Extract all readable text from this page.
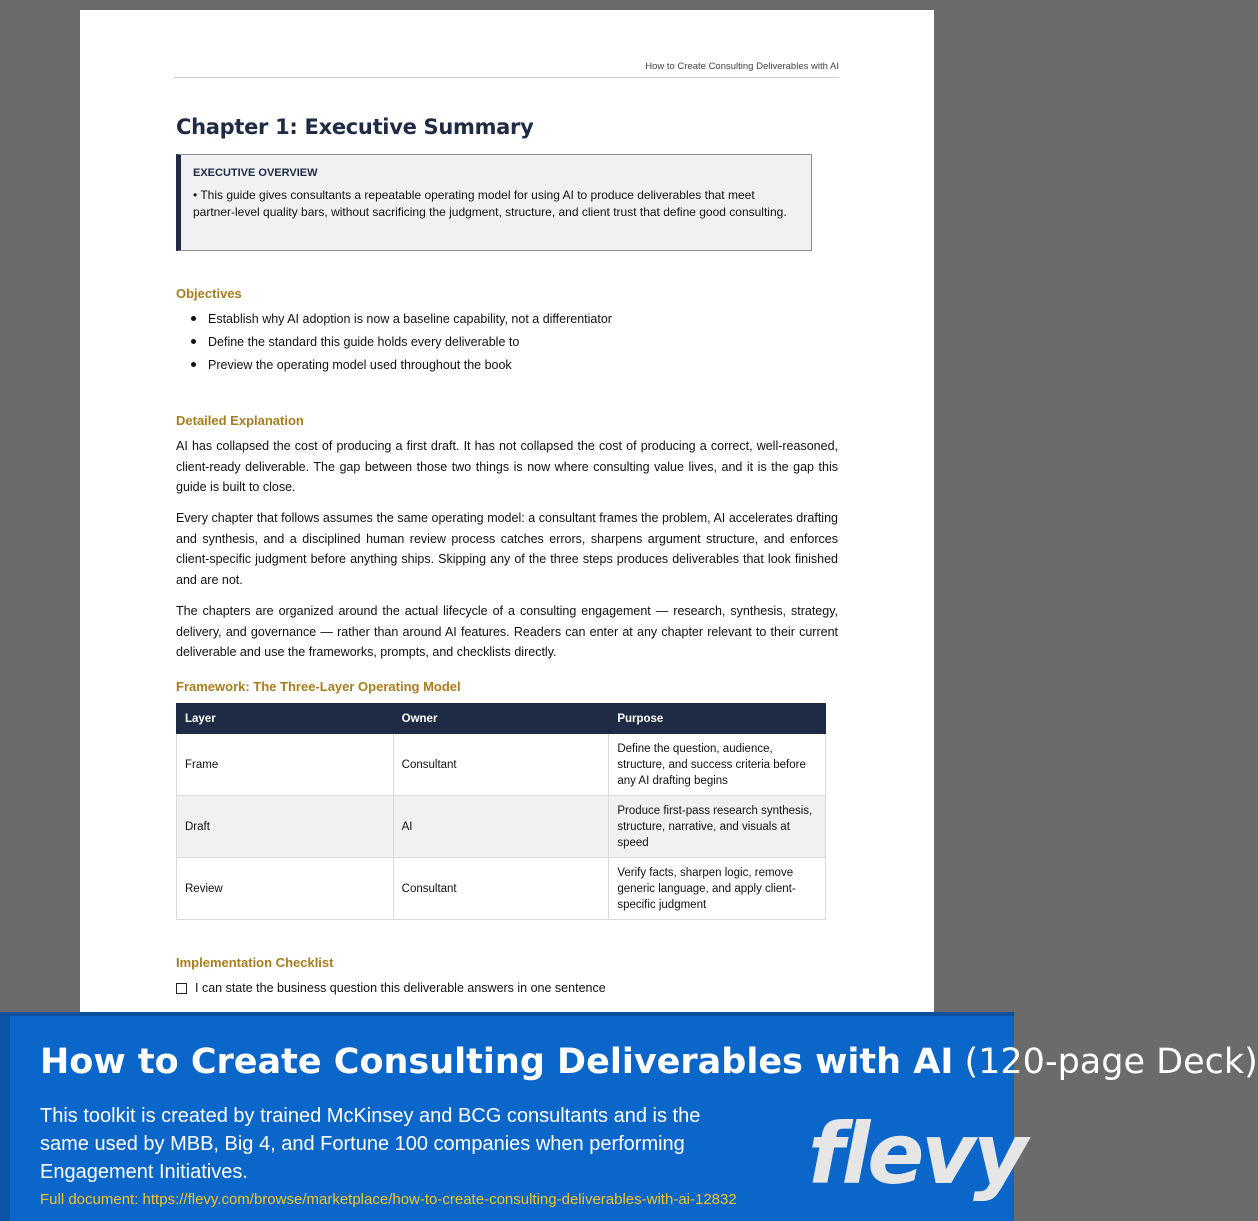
How to Create Consulting Deliverables with AI
Chapter 1: Executive Summary
EXECUTIVE OVERVIEW
• This guide gives consultants a repeatable operating model for using AI to produce deliverables that meet partner-level quality bars, without sacrificing the judgment, structure, and client trust that define good consulting.
Objectives
Establish why AI adoption is now a baseline capability, not a differentiator
Define the standard this guide holds every deliverable to
Preview the operating model used throughout the book
Detailed Explanation

AI has collapsed the cost of producing a first draft. It has not collapsed the cost of producing a correct, well-reasoned, client-ready deliverable. The gap between those two things is now where consulting value lives, and it is the gap this guide is built to close.

Every chapter that follows assumes the same operating model: a consultant frames the problem, AI accelerates drafting and synthesis, and a disciplined human review process catches errors, sharpens argument structure, and enforces client-specific judgment before anything ships. Skipping any of the three steps produces deliverables that look finished and are not.

The chapters are organized around the actual lifecycle of a consulting engagement — research, synthesis, strategy, delivery, and governance — rather than around AI features. Readers can enter at any chapter relevant to their current deliverable and use the frameworks, prompts, and checklists directly.

Framework: The Three-Layer Operating Model
Layer	Owner	Purpose
Frame	Consultant	Define the question, audience, structure, and success criteria before any AI drafting begins
Draft	AI	Produce first-pass research synthesis, structure, narrative, and visuals at speed
Review	Consultant	Verify facts, sharpen logic, remove generic language, and apply client-specific judgment
Implementation Checklist
I can state the business question this deliverable answers in one sentence
How to Create Consulting Deliverables with AI (120-page Deck)
This toolkit is created by trained McKinsey and BCG consultants and is the same used by MBB, Big 4, and Fortune 100 companies when performing Engagement Initiatives.
Full document: https://flevy.com/browse/marketplace/how-to-create-consulting-deliverables-with-ai-12832 flevy
